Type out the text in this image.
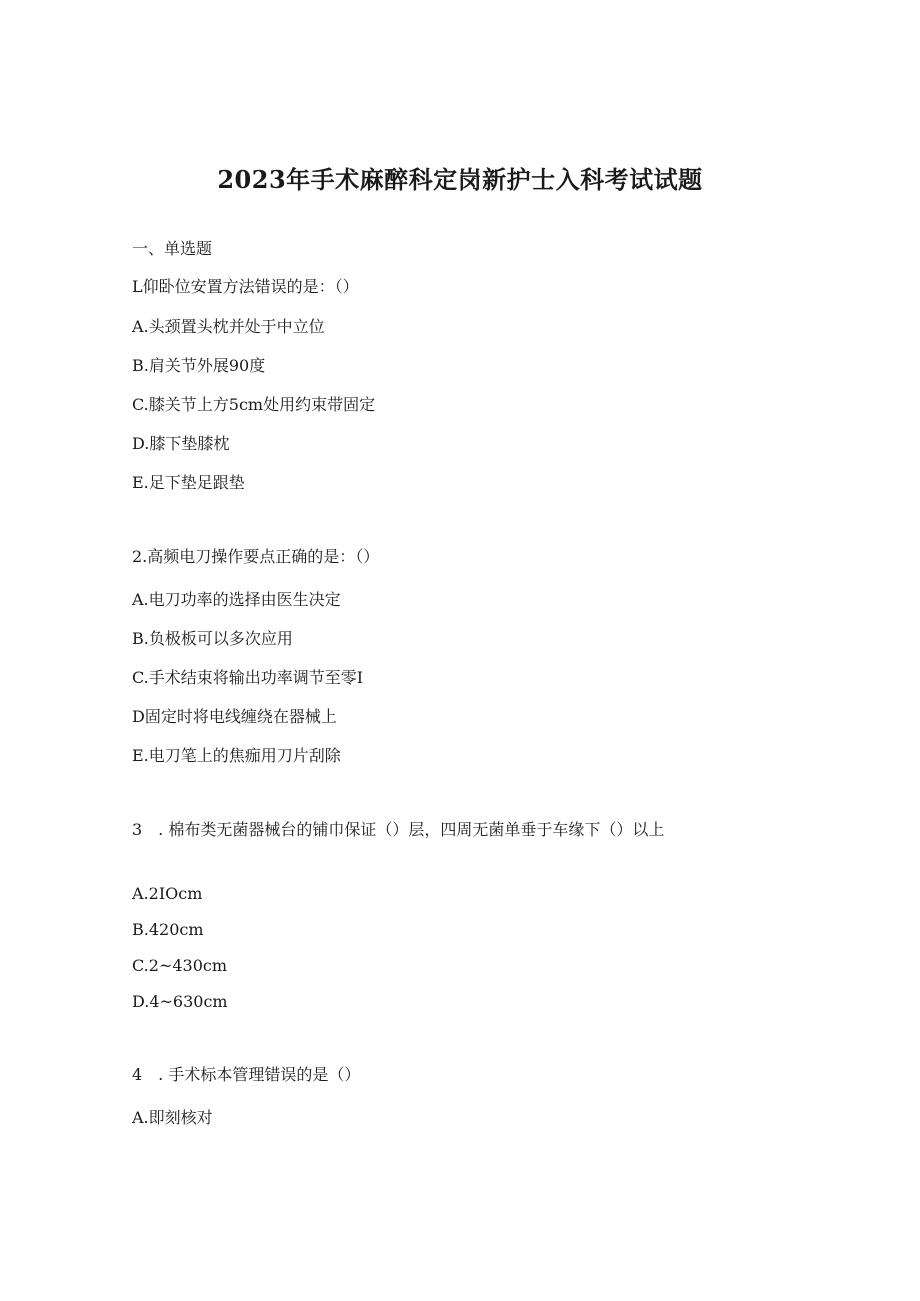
2023年手术麻醉科定岗新护士入科考试试题
一、单选题
L仰卧位安置方法错误的是：（）
A.头颈置头枕并处于中立位
B.肩关节外展90度
C.膝关节上方5cm处用约束带固定
D.膝下垫膝枕
E.足下垫足跟垫
2.高频电刀操作要点正确的是：（）
A.电刀功率的选择由医生决定
B.负极板可以多次应用
C.手术结束将输出功率调节至零I
D固定时将电线缠绕在器械上
E.电刀笔上的焦痂用刀片刮除
3　. 棉布类无菌器械台的铺巾保证（）层，四周无菌单垂于车缘下（）以上
A.2IOcm
B.420cm
C.2~430cm
D.4~630cm
4　. 手术标本管理错误的是（）
A.即刻核对
